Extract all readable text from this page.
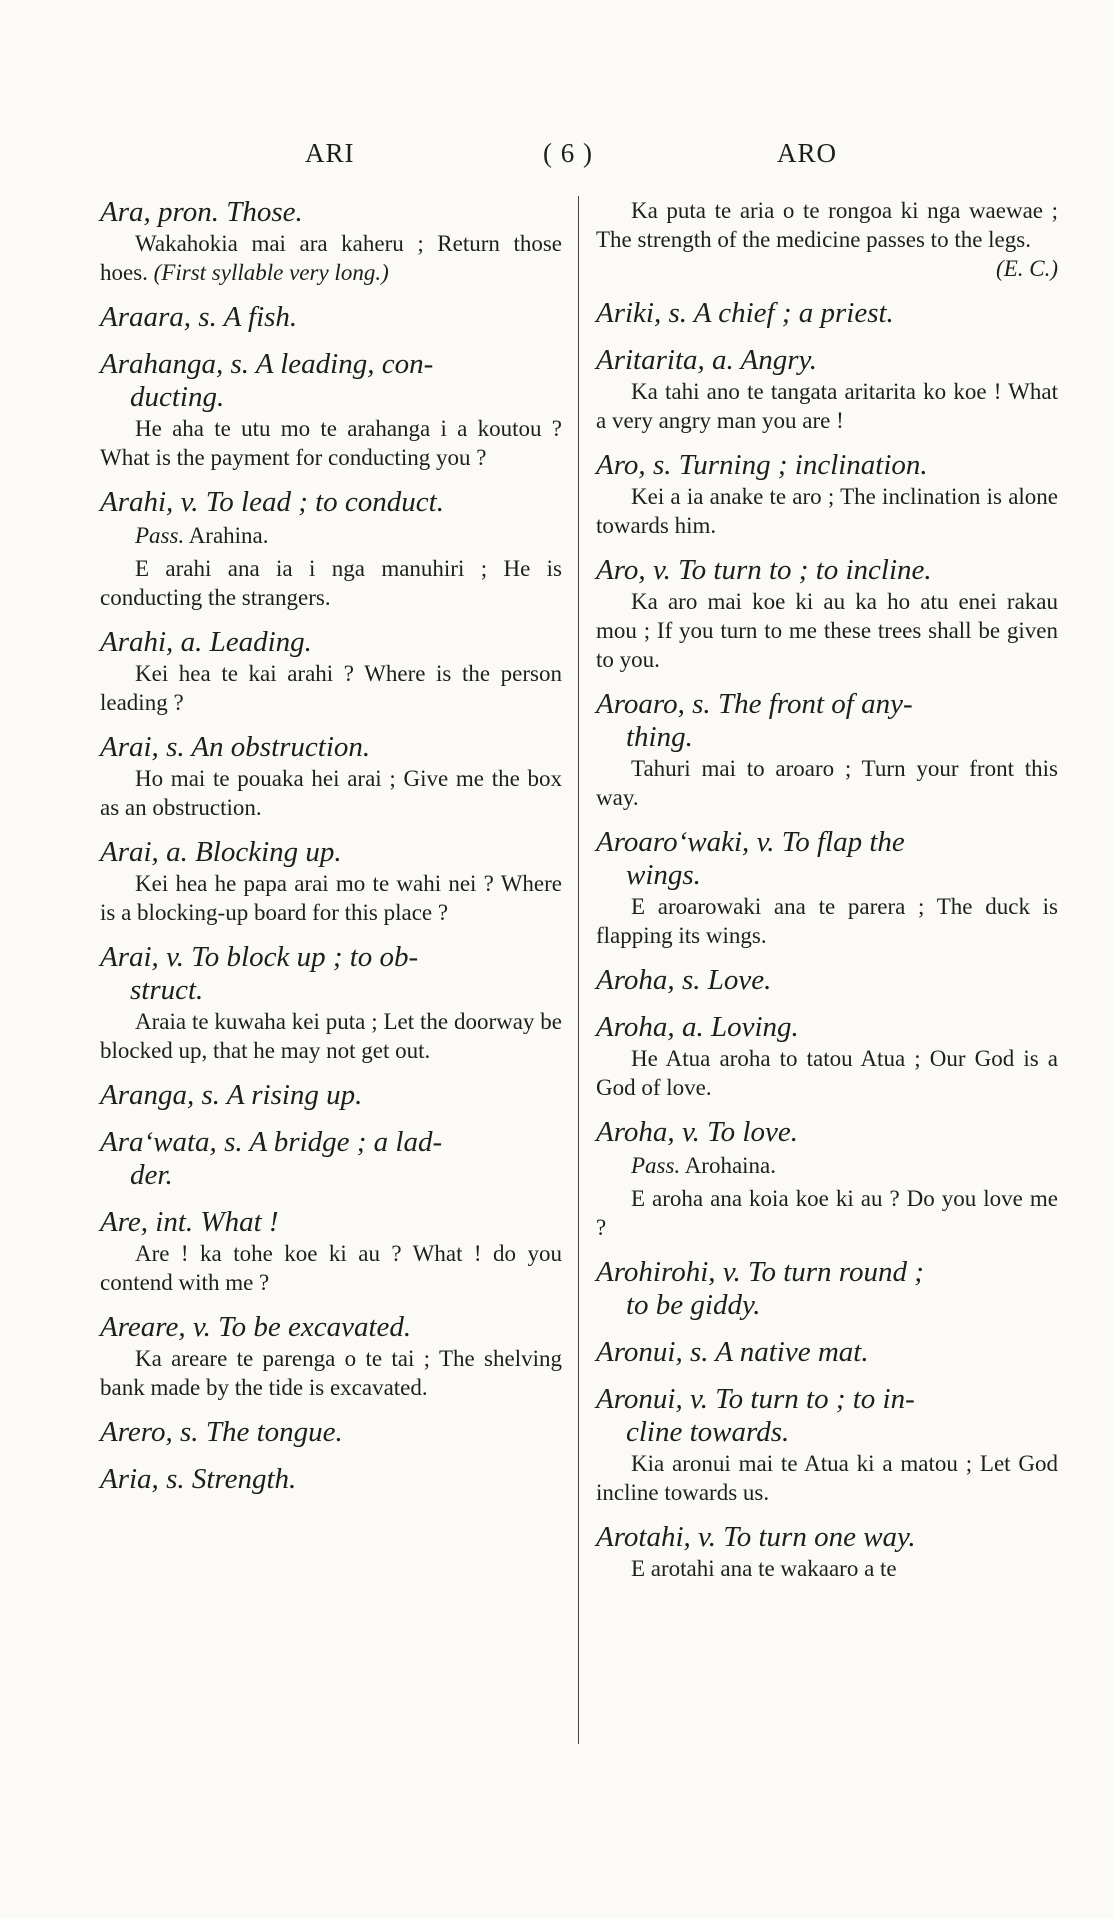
ARI	( 6 )	ARO

Ara, pron. Those.

Wakahokia mai ara kaheru ; Return those hoes. (First syllable very long.)

Araara, s. A fish.

Arahanga, s. A leading, con-
ducting.

He aha te utu mo te arahanga i a koutou ? What is the payment for conducting you ?

Arahi, v. To lead ; to conduct.

Pass. Arahina.

E arahi ana ia i nga manuhiri ; He is conducting the strangers.

Arahi, a. Leading.

Kei hea te kai arahi ? Where is the person leading ?

Arai, s. An obstruction.

Ho mai te pouaka hei arai ; Give me the box as an obstruction.

Arai, a. Blocking up.

Kei hea he papa arai mo te wahi nei ? Where is a blocking-up board for this place ?

Arai, v. To block up ; to ob-
struct.

Araia te kuwaha kei puta ; Let the doorway be blocked up, that he may not get out.

Aranga, s. A rising up.

Ara‘wata, s. A bridge ; a lad-
der.

Are, int. What !

Are ! ka tohe koe ki au ? What ! do you contend with me ?

Areare, v. To be excavated.

Ka areare te parenga o te tai ; The shelving bank made by the tide is excavated.

Arero, s. The tongue.

Aria, s. Strength.

Ka puta te aria o te rongoa ki nga waewae ; The strength of the medicine passes to the legs.

(E. C.)

Ariki, s. A chief ; a priest.

Aritarita, a. Angry.

Ka tahi ano te tangata aritarita ko koe ! What a very angry man you are !

Aro, s. Turning ; inclination.

Kei a ia anake te aro ; The inclination is alone towards him.

Aro, v. To turn to ; to incline.

Ka aro mai koe ki au ka ho atu enei rakau mou ; If you turn to me these trees shall be given to you.

Aroaro, s. The front of any-
thing.

Tahuri mai to aroaro ; Turn your front this way.

Aroaro‘waki, v. To flap the
wings.

E aroarowaki ana te parera ; The duck is flapping its wings.

Aroha, s. Love.

Aroha, a. Loving.

He Atua aroha to tatou Atua ; Our God is a God of love.

Aroha, v. To love.

Pass. Arohaina.

E aroha ana koia koe ki au ? Do you love me ?

Arohirohi, v. To turn round ;
to be giddy.

Aronui, s. A native mat.

Aronui, v. To turn to ; to in-
cline towards.

Kia aronui mai te Atua ki a matou ; Let God incline towards us.

Arotahi, v. To turn one way.

E arotahi ana te wakaaro a te
